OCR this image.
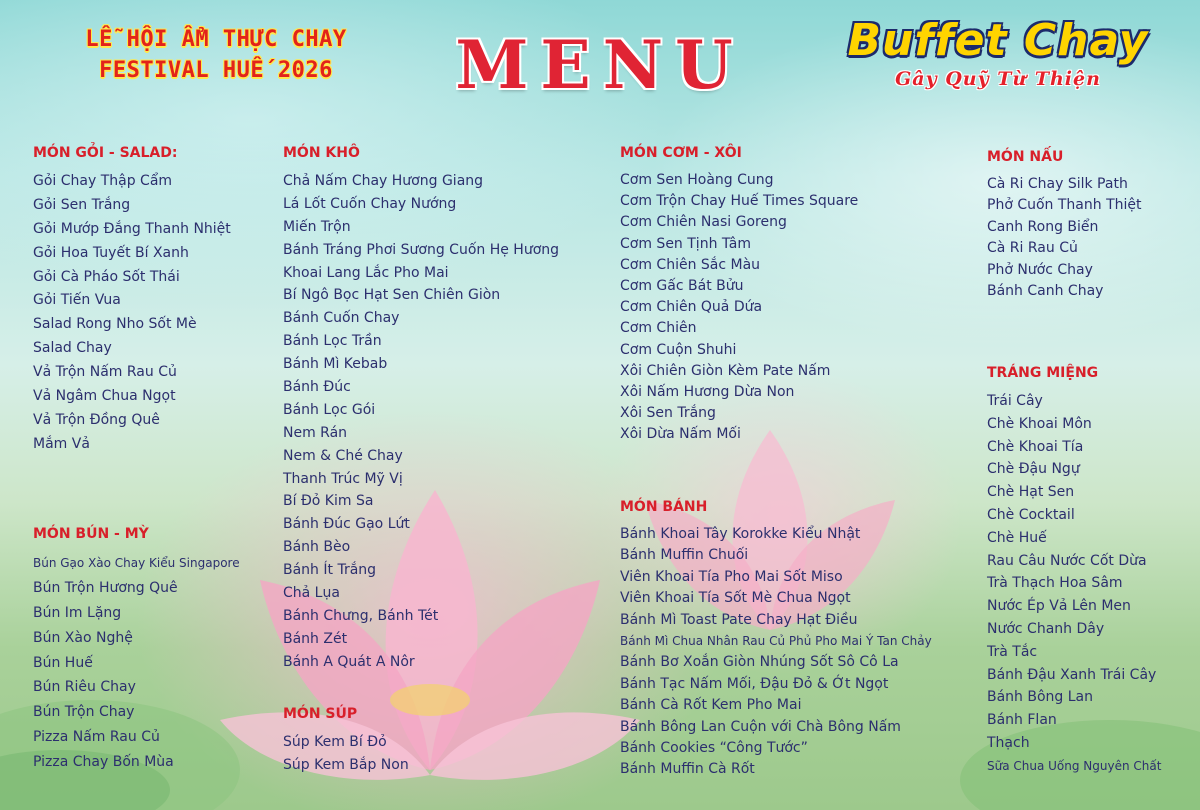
LỄ HỘI ẨM THỰC CHAY
FESTIVAL HUẾ 2026	MENU	Buffet Chay
Gây Quỹ Từ Thiện
MÓN GỎI - SALAD:
Gỏi Chay Thập Cẩm
Gỏi Sen Trắng
Gỏi Mướp Đắng Thanh Nhiệt
Gỏi Hoa Tuyết Bí Xanh
Gỏi Cà Pháo Sốt Thái
Gỏi Tiến Vua
Salad Rong Nho Sốt Mè
Salad Chay
Vả Trộn Nấm Rau Củ
Vả Ngâm Chua Ngọt
Vả Trộn Đồng Quê
Mắm Vả
MÓN BÚN - MỲ
Bún Gạo Xào Chay Kiểu Singapore
Bún Trộn Hương Quê
Bún Im Lặng
Bún Xào Nghệ
Bún Huế
Bún Riêu Chay
Bún Trộn Chay
Pizza Nấm Rau Củ
Pizza Chay Bốn Mùa
MÓN KHÔ
Chả Nấm Chay Hương Giang
Lá Lốt Cuốn Chay Nướng
Miến Trộn
Bánh Tráng Phơi Sương Cuốn Hẹ Hương
Khoai Lang Lắc Pho Mai
Bí Ngô Bọc Hạt Sen Chiên Giòn
Bánh Cuốn Chay
Bánh Lọc Trần
Bánh Mì Kebab
Bánh Đúc
Bánh Lọc Gói
Nem Rán
Nem & Ché Chay
Thanh Trúc Mỹ Vị
Bí Đỏ Kim Sa
Bánh Đúc Gạo Lứt
Bánh Bèo
Bánh Ít Trắng
Chả Lụa
Bánh Chưng, Bánh Tét
Bánh Zét
Bánh A Quát A Nôr
MÓN SÚP
Súp Kem Bí Đỏ
Súp Kem Bắp Non
MÓN CƠM - XÔI
Cơm Sen Hoàng Cung
Cơm Trộn Chay Huế Times Square
Cơm Chiên Nasi Goreng
Cơm Sen Tịnh Tâm
Cơm Chiên Sắc Màu
Cơm Gấc Bát Bửu
Cơm Chiên Quả Dứa
Cơm Chiên
Cơm Cuộn Shuhi
Xôi Chiên Giòn Kèm Pate Nấm
Xôi Nấm Hương Dừa Non
Xôi Sen Trắng
Xôi Dừa Nấm Mối
MÓN BÁNH
Bánh Khoai Tây Korokke Kiểu Nhật
Bánh Muffin Chuối
Viên Khoai Tía Pho Mai Sốt Miso
Viên Khoai Tía Sốt Mè Chua Ngọt
Bánh Mì Toast Pate Chay Hạt Điều
Bánh Mì Chua Nhân Rau Củ Phủ Pho Mai Ý Tan Chảy
Bánh Bơ Xoắn Giòn Nhúng Sốt Sô Cô La
Bánh Tạc Nấm Mối, Đậu Đỏ & Ớt Ngọt
Bánh Cà Rốt Kem Pho Mai
Bánh Bông Lan Cuộn với Chà Bông Nấm
Bánh Cookies “Công Tước”
Bánh Muffin Cà Rốt
MÓN NẤU
Cà Ri Chay Silk Path
Phở Cuốn Thanh Thiệt
Canh Rong Biển
Cà Ri Rau Củ
Phở Nước Chay
Bánh Canh Chay
TRÁNG MIỆNG
Trái Cây
Chè Khoai Môn
Chè Khoai Tía
Chè Đậu Ngự
Chè Hạt Sen
Chè Cocktail
Chè Huế
Rau Câu Nước Cốt Dừa
Trà Thạch Hoa Sâm
Nước Ép Vả Lên Men
Nước Chanh Dây
Trà Tắc
Bánh Đậu Xanh Trái Cây
Bánh Bông Lan
Bánh Flan
Thạch
Sữa Chua Uống Nguyên Chất
